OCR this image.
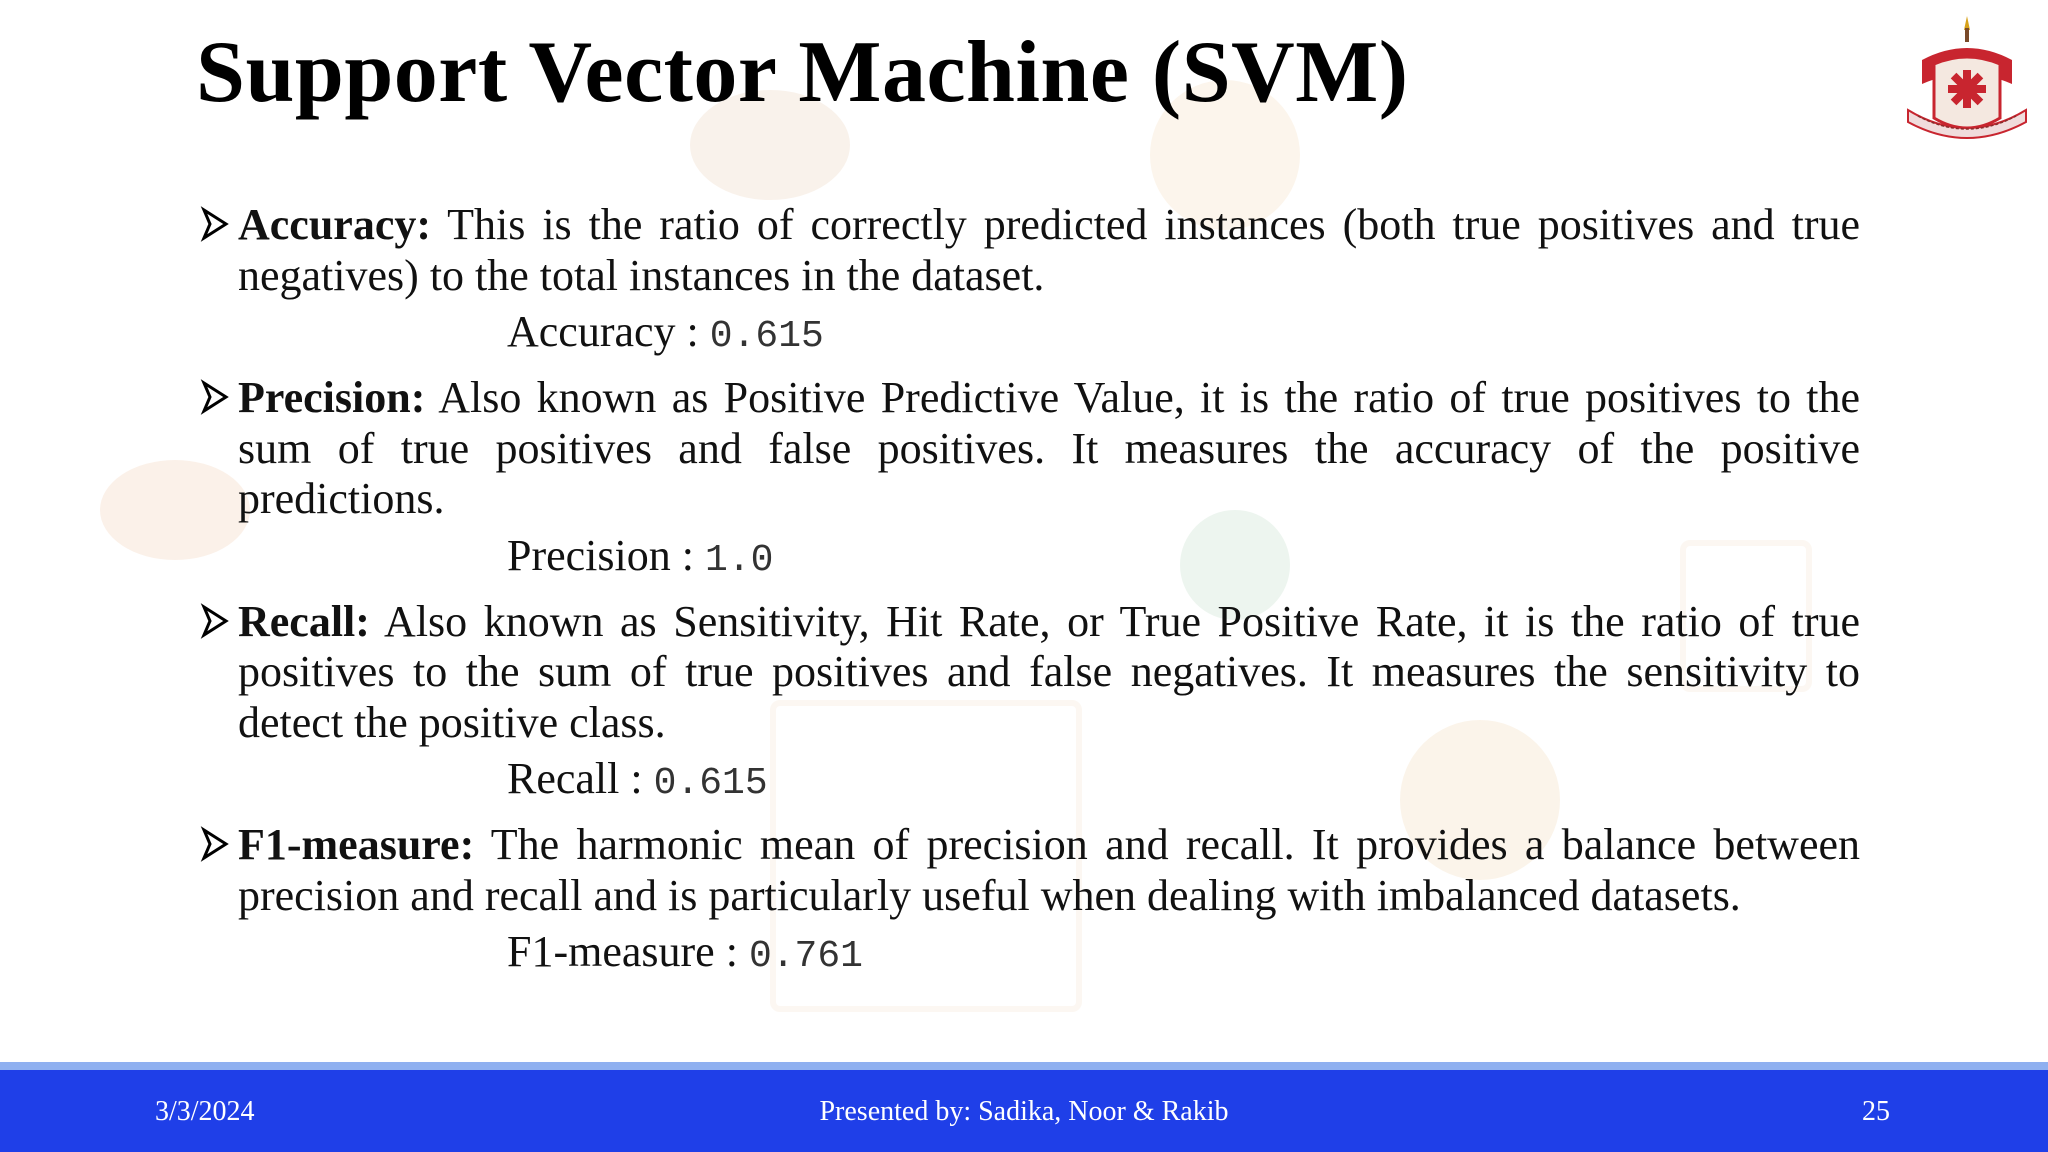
Support Vector Machine (SVM)
Accuracy: This is the ratio of correctly predicted instances (both true positives and true negatives) to the total instances in the dataset.
Accuracy : 0.615
Precision: Also known as Positive Predictive Value, it is the ratio of true positives to the sum of true positives and false positives. It measures the accuracy of the positive predictions.
Precision : 1.0
Recall: Also known as Sensitivity, Hit Rate, or True Positive Rate, it is the ratio of true positives to the sum of true positives and false negatives. It measures the sensitivity to detect the positive class.
Recall : 0.615
F1-measure: The harmonic mean of precision and recall. It provides a balance between precision and recall and is particularly useful when dealing with imbalanced datasets.
F1-measure : 0.761
3/3/2024	Presented by: Sadika, Noor & Rakib	25
